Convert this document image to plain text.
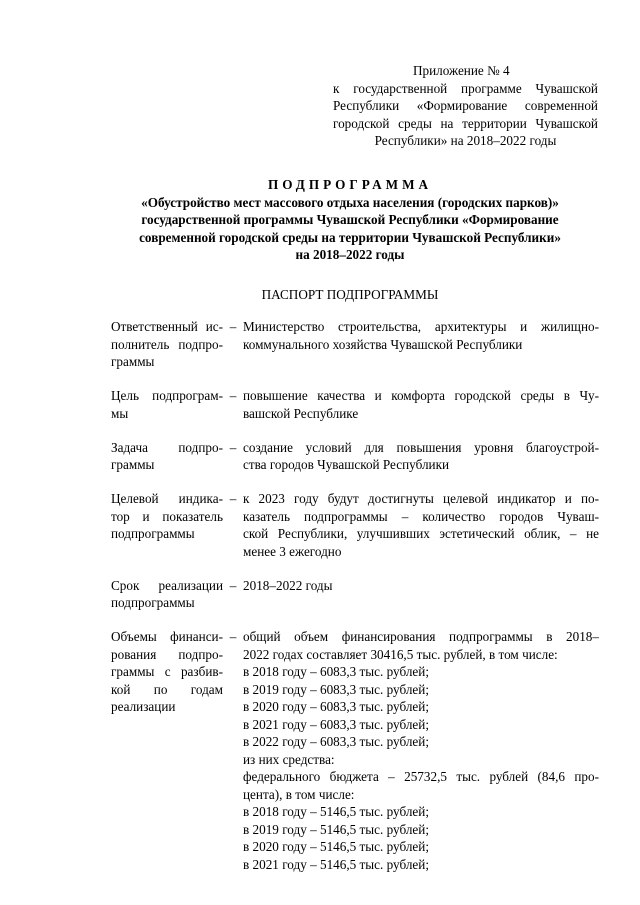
Приложение № 4
к государственной программе Чувашской
Республики «Формирование современной
городской среды на территории Чувашской
Республики» на 2018–2022 годы
ПОДПРОГРАММА
«Обустройство мест массового отдыха населения (городских парков)»
государственной программы Чувашской Республики «Формирование
современной городской среды на территории Чувашской Республики»
на 2018–2022 годы
ПАСПОРТ ПОДПРОГРАММЫ
Ответственный ис-
полнитель подпро-
граммы
– Министерство строительства, архитектуры и жилищно-
коммунального хозяйства Чувашской Республики
Цель подпрограм-
мы
– повышение качества и комфорта городской среды в Чу-
вашской Республике
Задача подпро-
граммы
– создание условий для повышения уровня благоустрой-
ства городов Чувашской Республики
Целевой индика-
тор и показатель
подпрограммы
– к 2023 году будут достигнуты целевой индикатор и по-
казатель подпрограммы – количество городов Чуваш-
ской Республики, улучшивших эстетический облик, – не
менее 3 ежегодно
Срок реализации
подпрограммы
– 2018–2022 годы
Объемы финанси-
рования подпро-
граммы с разбив-
кой по годам
реализации
– общий объем финансирования подпрограммы в 2018–
2022 годах составляет 30416,5 тыс. рублей, в том числе:
в 2018 году – 6083,3 тыс. рублей;
в 2019 году – 6083,3 тыс. рублей;
в 2020 году – 6083,3 тыс. рублей;
в 2021 году – 6083,3 тыс. рублей;
в 2022 году – 6083,3 тыс. рублей;
из них средства:
федерального бюджета – 25732,5 тыс. рублей (84,6 про-
цента), в том числе:
в 2018 году – 5146,5 тыс. рублей;
в 2019 году – 5146,5 тыс. рублей;
в 2020 году – 5146,5 тыс. рублей;
в 2021 году – 5146,5 тыс. рублей;
